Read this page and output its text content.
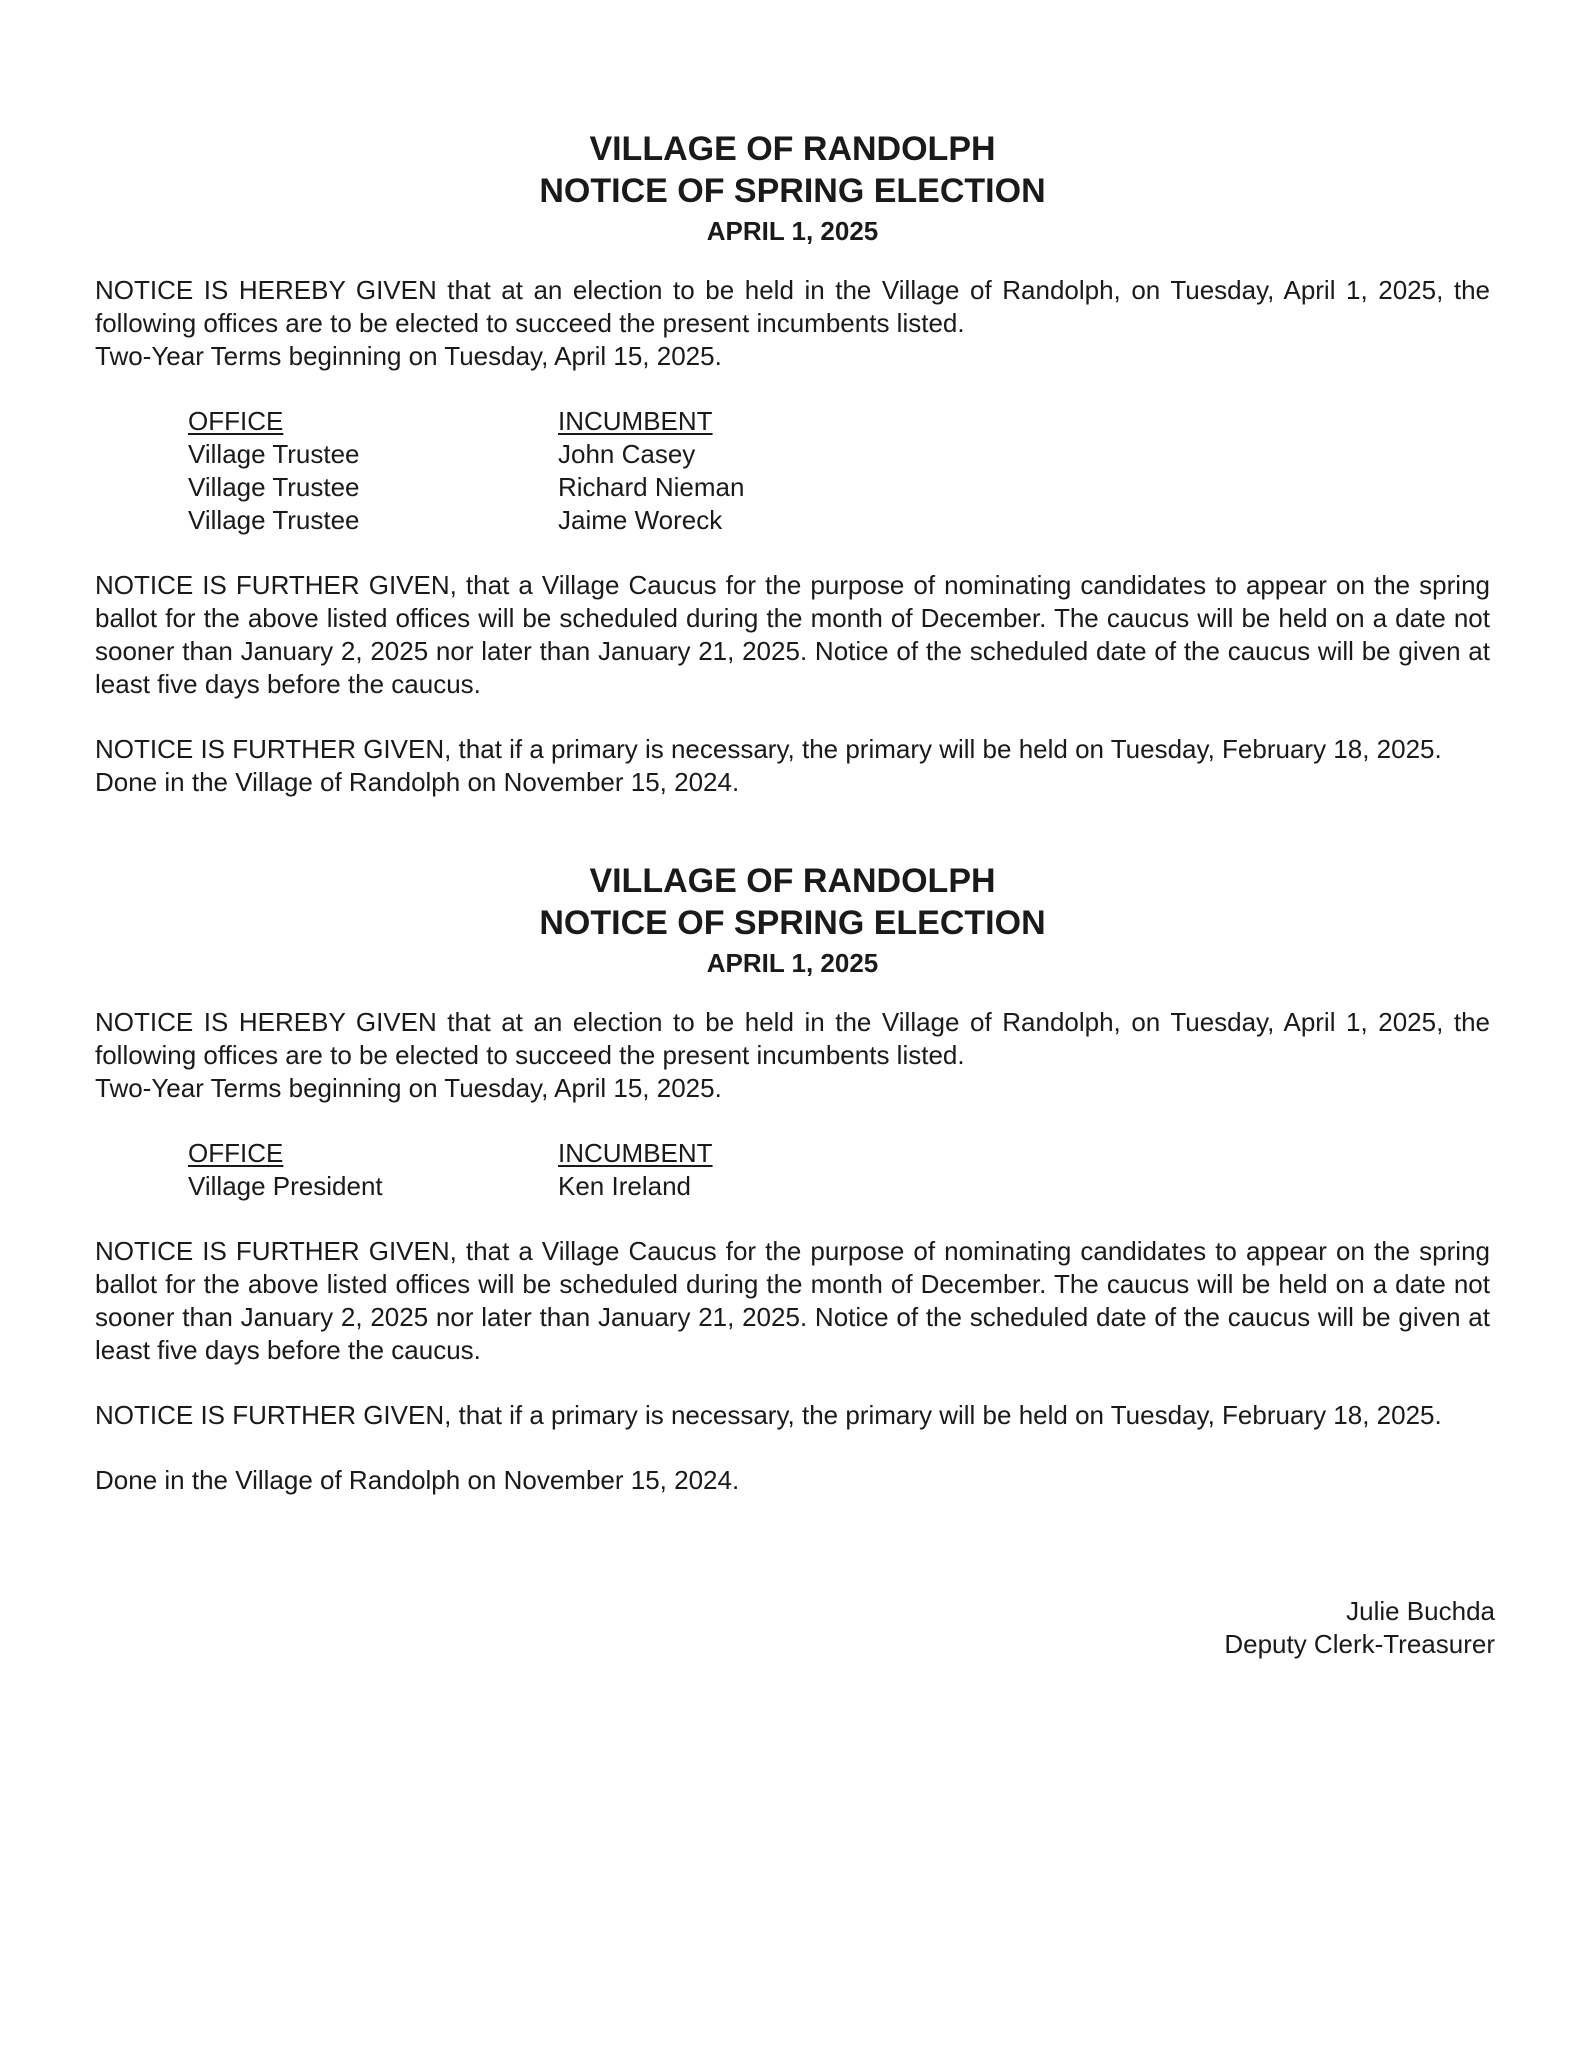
VILLAGE OF RANDOLPH

NOTICE OF SPRING ELECTION

APRIL 1, 2025

NOTICE IS HEREBY GIVEN that at an election to be held in the Village of Randolph, on Tuesday, April 1, 2025, the following offices are to be elected to succeed the present incumbents listed.

Two-Year Terms beginning on Tuesday, April 15, 2025.

OFFICE	INCUMBENT
Village Trustee	John Casey
Village Trustee	Richard Nieman
Village Trustee	Jaime Woreck

NOTICE IS FURTHER GIVEN, that a Village Caucus for the purpose of nominating candidates to appear on the spring ballot for the above listed offices will be scheduled during the month of December. The caucus will be held on a date not sooner than January 2, 2025 nor later than January 21, 2025. Notice of the scheduled date of the caucus will be given at least five days before the caucus.

NOTICE IS FURTHER GIVEN, that if a primary is necessary, the primary will be held on Tuesday, February 18, 2025.

Done in the Village of Randolph on November 15, 2024.

VILLAGE OF RANDOLPH

NOTICE OF SPRING ELECTION

APRIL 1, 2025

NOTICE IS HEREBY GIVEN that at an election to be held in the Village of Randolph, on Tuesday, April 1, 2025, the following offices are to be elected to succeed the present incumbents listed.

Two-Year Terms beginning on Tuesday, April 15, 2025.

OFFICE	INCUMBENT
Village President	Ken Ireland

NOTICE IS FURTHER GIVEN, that a Village Caucus for the purpose of nominating candidates to appear on the spring ballot for the above listed offices will be scheduled during the month of December. The caucus will be held on a date not sooner than January 2, 2025 nor later than January 21, 2025. Notice of the scheduled date of the caucus will be given at least five days before the caucus.

NOTICE IS FURTHER GIVEN, that if a primary is necessary, the primary will be held on Tuesday, February 18, 2025.

Done in the Village of Randolph on November 15, 2024.

Julie Buchda
Deputy Clerk-Treasurer
